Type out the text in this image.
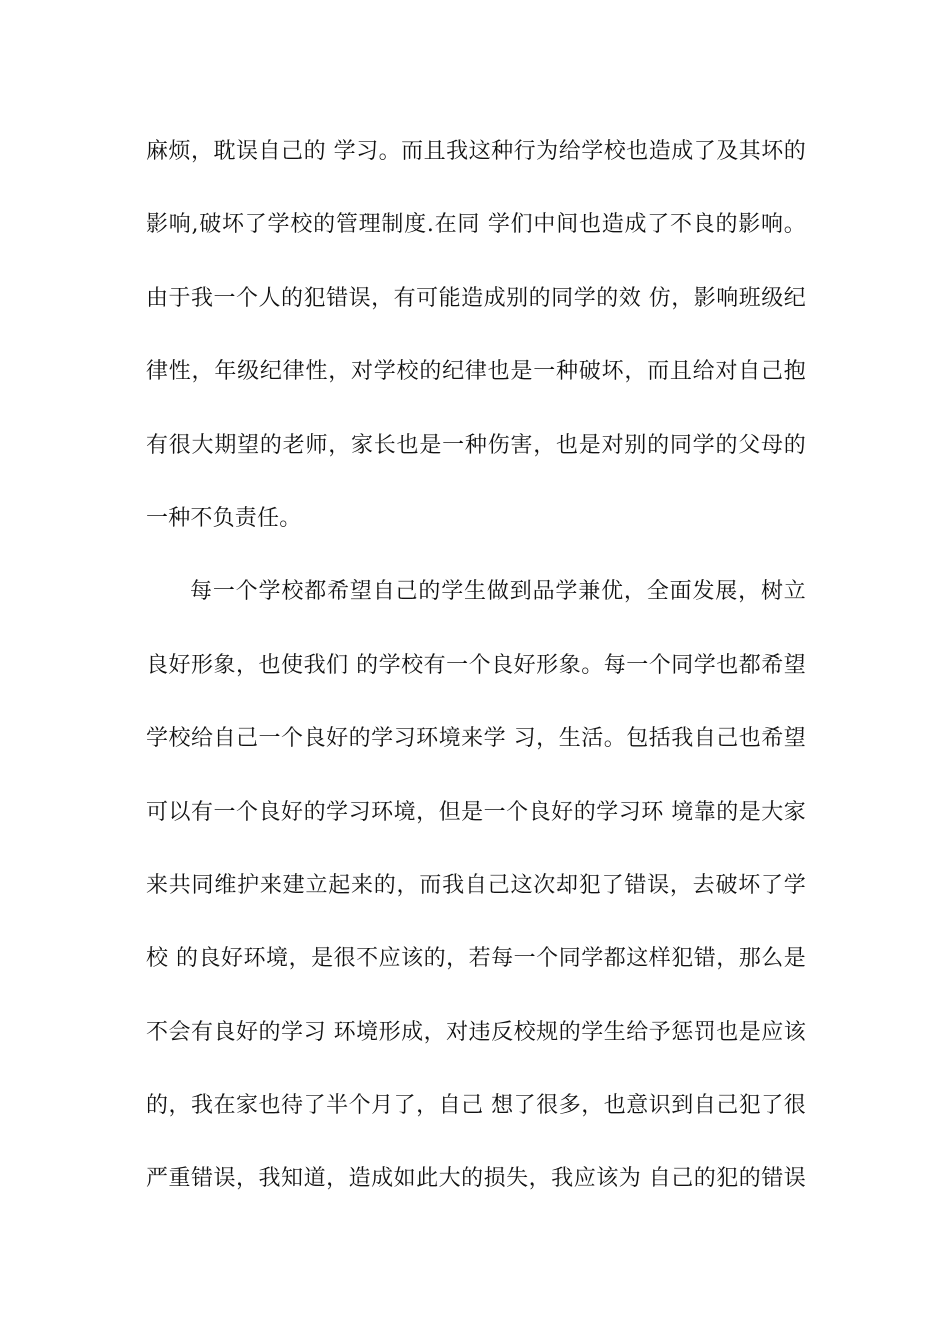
麻烦，耽误自己的 学习。而且我这种行为给学校也造成了及其坏的
影响,破坏了学校的管理制度.在同 学们中间也造成了不良的影响。
由于我一个人的犯错误，有可能造成别的同学的效 仿，影响班级纪
律性，年级纪律性，对学校的纪律也是一种破坏，而且给对自己抱
有很大期望的老师，家长也是一种伤害，也是对别的同学的父母的
一种不负责任。
每一个学校都希望自己的学生做到品学兼优，全面发展，树立
良好形象，也使我们 的学校有一个良好形象。每一个同学也都希望
学校给自己一个良好的学习环境来学 习，生活。包括我自己也希望
可以有一个良好的学习环境，但是一个良好的学习环 境靠的是大家
来共同维护来建立起来的，而我自己这次却犯了错误，去破坏了学
校 的良好环境，是很不应该的，若每一个同学都这样犯错，那么是
不会有良好的学习 环境形成，对违反校规的学生给予惩罚也是应该
的，我在家也待了半个月了，自己 想了很多，也意识到自己犯了很
严重错误，我知道，造成如此大的损失，我应该为 自己的犯的错误
